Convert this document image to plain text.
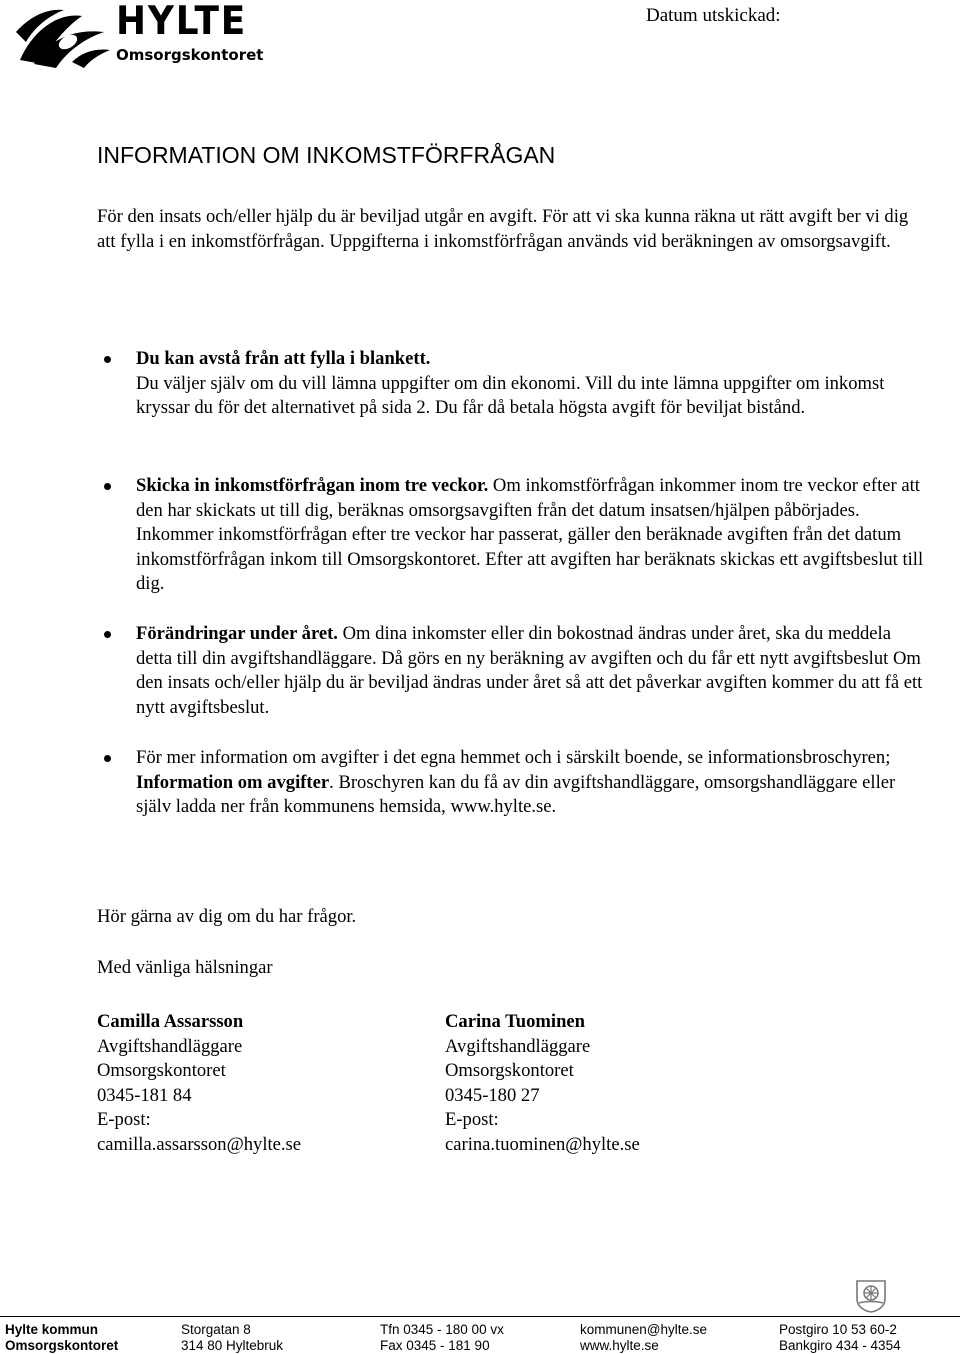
HYLTE
Omsorgskontoret
Datum utskickad:
INFORMATION OM INKOMSTFÖRFRÅGAN

För den insats och/eller hjälp du är beviljad utgår en avgift. För att vi ska kunna räkna ut rätt avgift ber vi dig att fylla i en inkomstförfrågan. Uppgifterna i inkomstförfrågan används vid beräkningen av omsorgsavgift.

Du kan avstå från att fylla i blankett.
Du väljer själv om du vill lämna uppgifter om din ekonomi. Vill du inte lämna uppgifter om inkomst kryssar du för det alternativet på sida 2. Du får då betala högsta avgift för beviljat bistånd.

Skicka in inkomstförfrågan inom tre veckor. Om inkomstförfrågan inkommer inom tre veckor efter att den har skickats ut till dig, beräknas omsorgsavgiften från det datum insatsen/hjälpen påbörjades. Inkommer inkomstförfrågan efter tre veckor har passerat, gäller den beräknade avgiften från det datum inkomstförfrågan inkom till Omsorgskontoret. Efter att avgiften har beräknats skickas ett avgiftsbeslut till dig.

Förändringar under året. Om dina inkomster eller din bokostnad ändras under året, ska du meddela detta till din avgiftshandläggare. Då görs en ny beräkning av avgiften och du får ett nytt avgiftsbeslut Om den insats och/eller hjälp du är beviljad ändras under året så att det påverkar avgiften kommer du att få ett nytt avgiftsbeslut.

För mer information om avgifter i det egna hemmet och i särskilt boende, se informationsbroschyren; Information om avgifter. Broschyren kan du få av din avgiftshandläggare, omsorgshandläggare eller själv ladda ner från kommunens hemsida, www.hylte.se.

Hör gärna av dig om du har frågor.
Med vänliga hälsningar
Camilla Assarsson
Avgiftshandläggare
Omsorgskontoret
0345-181 84
E-post:
camilla.assarsson@hylte.se
Carina Tuominen
Avgiftshandläggare
Omsorgskontoret
0345-180 27
E-post:
carina.tuominen@hylte.se
Hylte kommun
Omsorgskontoret
Storgatan 8
314 80 Hyltebruk
Tfn 0345 - 180 00 vx
Fax 0345 - 181 90
kommunen@hylte.se
www.hylte.se
Postgiro 10 53 60-2
Bankgiro 434 - 4354
